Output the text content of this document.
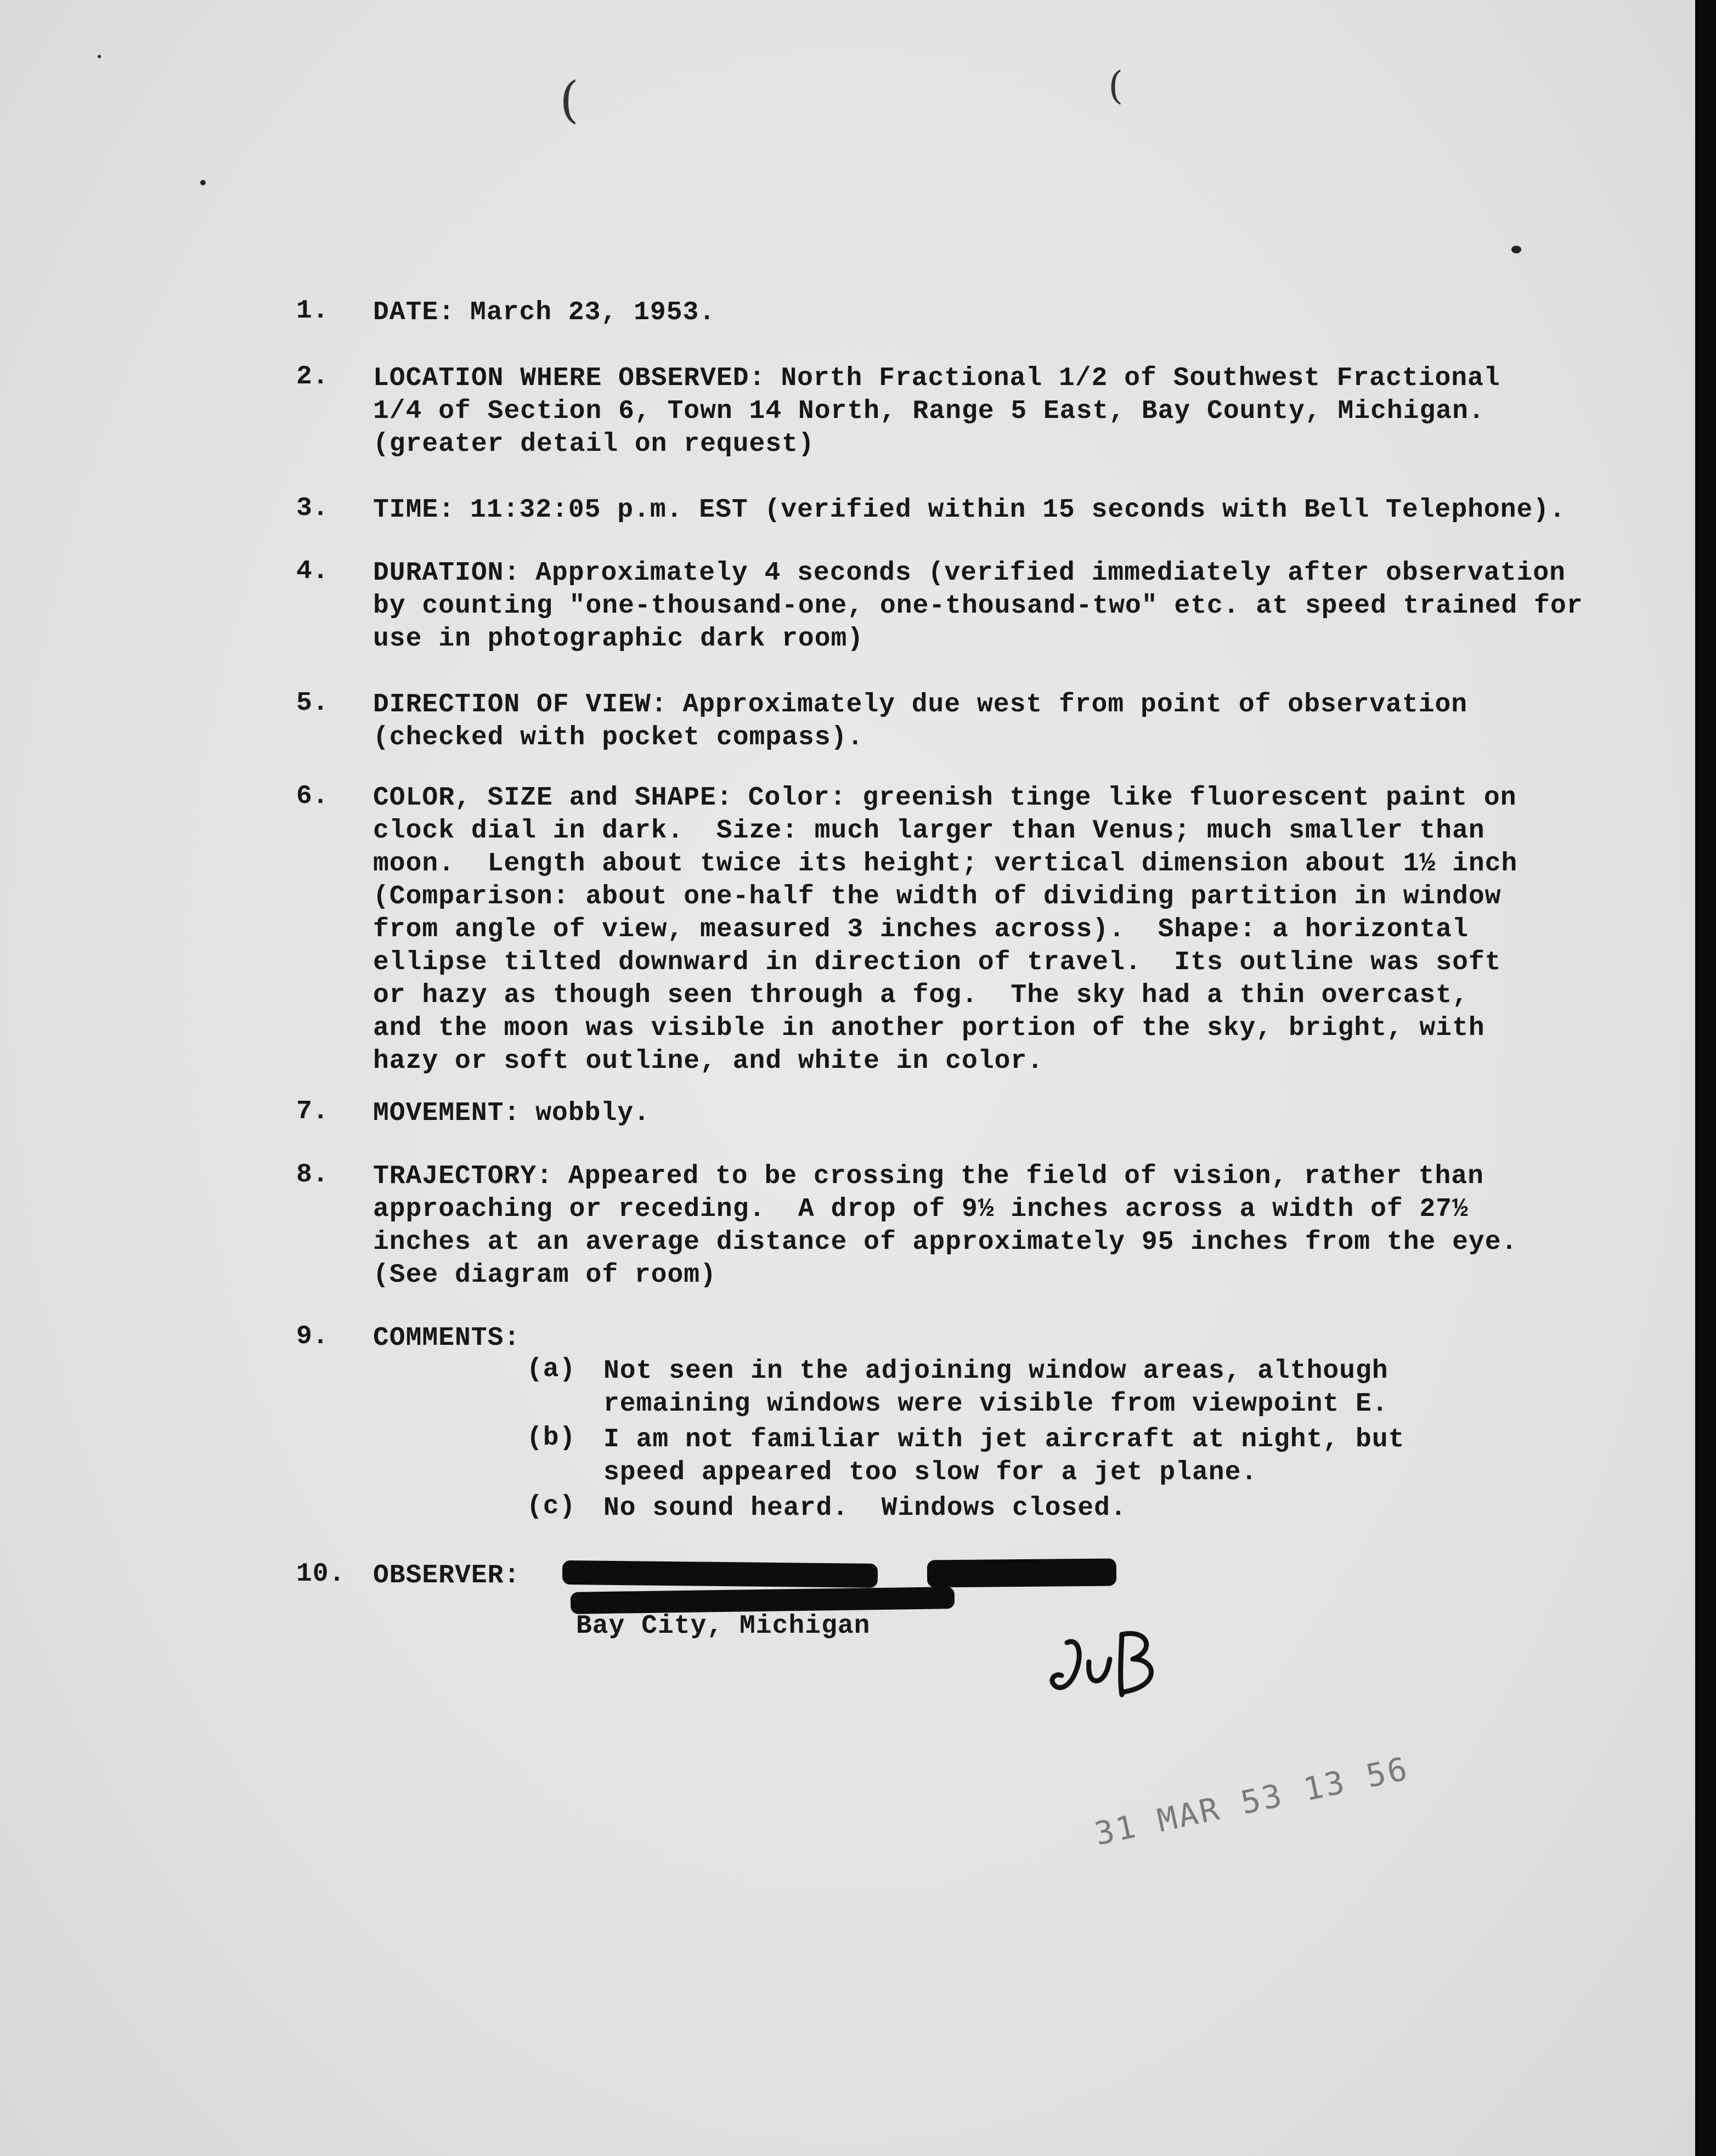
(	(
1. DATE: March 23, 1953.
2. LOCATION WHERE OBSERVED: North Fractional 1/2 of Southwest Fractional
1/4 of Section 6, Town 14 North, Range 5 East, Bay County, Michigan.
(greater detail on request)
3. TIME: 11:32:05 p.m. EST (verified within 15 seconds with Bell Telephone).
4. DURATION: Approximately 4 seconds (verified immediately after observation
by counting "one-thousand-one, one-thousand-two" etc. at speed trained for
use in photographic dark room)
5. DIRECTION OF VIEW: Approximately due west from point of observation
(checked with pocket compass).
6. COLOR, SIZE and SHAPE: Color: greenish tinge like fluorescent paint on
clock dial in dark.  Size: much larger than Venus; much smaller than
moon.  Length about twice its height; vertical dimension about 1½ inch
(Comparison: about one-half the width of dividing partition in window
from angle of view, measured 3 inches across).  Shape: a horizontal
ellipse tilted downward in direction of travel.  Its outline was soft
or hazy as though seen through a fog.  The sky had a thin overcast,
and the moon was visible in another portion of the sky, bright, with
hazy or soft outline, and white in color.
7. MOVEMENT: wobbly.
8. TRAJECTORY: Appeared to be crossing the field of vision, rather than
approaching or receding.  A drop of 9½ inches across a width of 27½
inches at an average distance of approximately 95 inches from the eye.
(See diagram of room)
9. COMMENTS:
(a) Not seen in the adjoining window areas, although
remaining windows were visible from viewpoint E.
(b) I am not familiar with jet aircraft at night, but
speed appeared too slow for a jet plane.
(c) No sound heard.  Windows closed.
10. OBSERVER:
Bay City, Michigan
31 MAR 53 13 56
